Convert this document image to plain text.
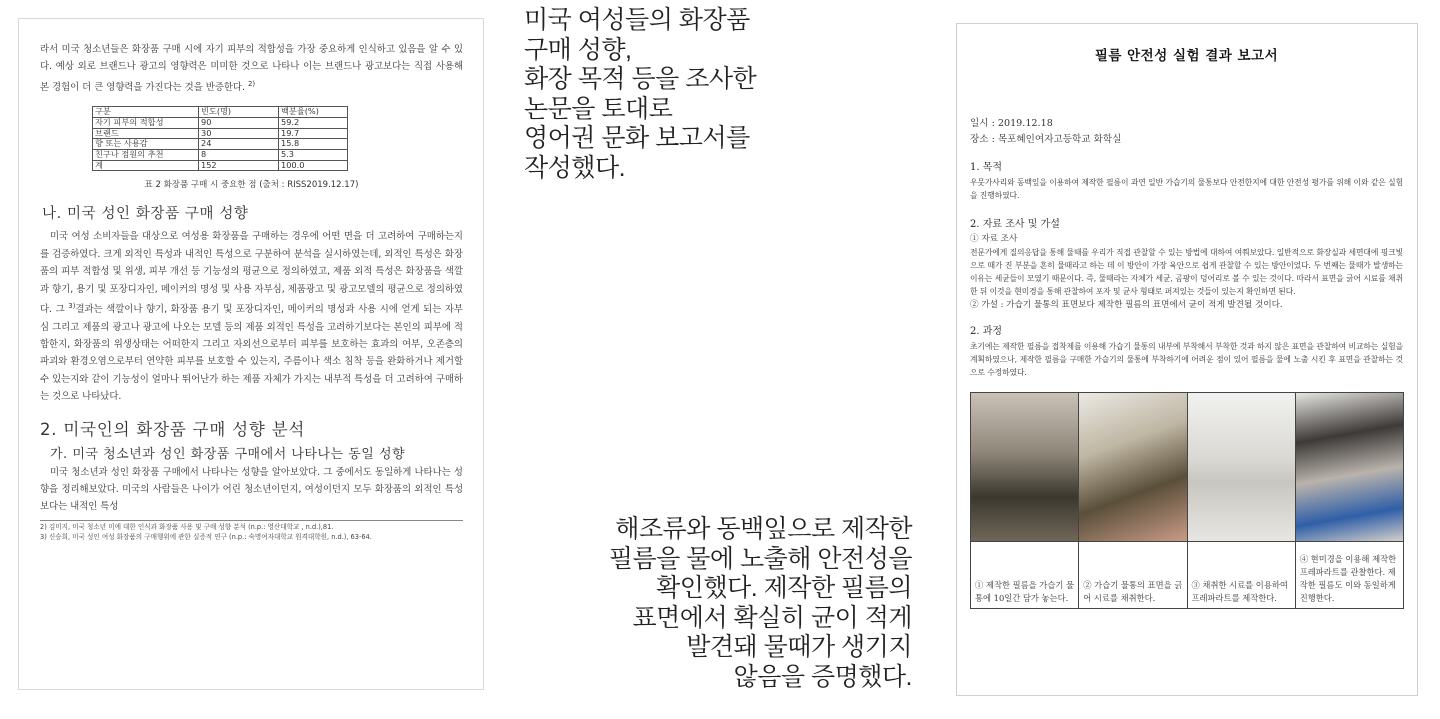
라서 미국 청소년들은 화장품 구매 시에 자기 피부의 적합성을 가장 중요하게 인식하고 있음을 알 수 있다. 예상 외로 브랜드나 광고의 영향력은 미미한 것으로 나타나 이는 브랜드나 광고보다는 직접 사용해 본 경험이 더 큰 영향력을 가진다는 것을 반증한다. $^{2)}$

구분	빈도(명)	백분율(%)
자기 피부의 적합성	90	59.2
브랜드	30	19.7
향 또는 사용감	24	15.8
친구나 점원의 추천	8	5.3
계	152	100.0
표 2 화장품 구매 시 중요한 점 (출처 : RISS2019.12.17)
나. 미국 성인 화장품 구매 성향

미국 여성 소비자들을 대상으로 여성용 화장품을 구매하는 경우에 어떤 면을 더 고려하여 구매하는지를 검증하였다. 크게 외적인 특성과 내적인 특성으로 구분하여 분석을 실시하였는데, 외적인 특성은 화장품의 피부 적합성 및 위생, 피부 개선 등 기능성의 평균으로 정의하였고, 제품 외적 특성은 화장품을 색깔과 향기, 용기 및 포장디자인, 메이커의 명성 및 사용 자부심, 제품광고 및 광고모델의 평균으로 정의하였다. 그 $^{3)}$결과는 색깔이나 향기, 화장품 용기 및 포장디자인, 메이커의 명성과 사용 시에 얻게 되는 자부심 그리고 제품의 광고나 광고에 나오는 모델 등의 제품 외적인 특성을 고려하기보다는 본인의 피부에 적합한지, 화장품의 위생상태는 어떠한지 그리고 자외선으로부터 피부를 보호하는 효과의 여부, 오존층의 파괴와 환경오염으로부터 연약한 피부를 보호할 수 있는지, 주름이나 색소 침착 등을 완화하거나 제거할 수 있는지와 같이 기능성이 얼마나 뛰어난가 하는 제품 자체가 가지는 내부적 특성을 더 고려하여 구매하는 것으로 나타났다.

2. 미국인의 화장품 구매 성향 분석
가. 미국 청소년과 성인 화장품 구매에서 나타나는 동일 성향

미국 청소년과 성인 화장품 구매에서 나타나는 성향을 알아보았다. 그 중에서도 동일하게 나타나는 성향을 정리해보았다. 미국의 사람들은 나이가 어린 청소년이던지, 여성이던지 모두 화장품의 외적인 특성보다는 내적인 특성

2) 김미지, 미국 청소년 미에 대한 인식과 화장품 사용 및 구매 성향 분석 (n.p.: 영산대학교 , n.d.),81.

3) 신승희, 미국 성인 여성 화장품의 구매행위에 관한 실증적 연구 (n.p.: 숙명여자대학교 원격대학원, n.d.), 63-64.

미국 여성들의 화장품
구매 성향,
화장 목적 등을 조사한
논문을 토대로
영어권 문화 보고서를
작성했다.
해조류와 동백잎으로 제작한
필름을 물에 노출해 안전성을
확인했다. 제작한 필름의
표면에서 확실히 균이 적게
발견돼 물때가 생기지
않음을 증명했다.
필름 안전성 실험 결과 보고서

일시 : 2019.12.18

장소 : 목포혜인여자고등학교 화학실

1. 목적

우뭇가사리와 동백잎을 이용하여 제작한 필름이 과연 일반 가습기의 물통보다 안전한지에 대한 안전성 평가를 위해 이와 같은 실험을 진행하였다.

2. 자료 조사 및 가설

① 자료 조사

전문가에게 질의응답을 통해 물때를 우리가 직접 관찰할 수 있는 방법에 대하여 여쭤보았다. 일반적으로 화장실과 세면대에 핑크빛으로 때가 진 부분을 흔히 물때라고 하는 데 이 방안이 가장 육안으로 쉽게 관찰할 수 있는 방안이었다. 두 번째는 물때가 발생하는 이유는 세균들이 모였기 때문이다. 즉, 물때라는 자체가 세균, 곰팡이 덩어리로 볼 수 있는 것이다. 따라서 표면을 긁어 시료를 채취한 뒤 이것을 현미경을 통해 관찰하여 포자 및 균사 형태로 퍼져있는 것들이 있는지 확인하면 된다.

② 가설 : 가습기 물통의 표면보다 제작한 필름의 표면에서 균이 적게 발견될 것이다.

2. 과정

초기에는 제작한 필름을 접착제를 이용해 가습기 물통의 내부에 부착해서 부착한 것과 하지 않은 표면을 관찰하여 비교하는 실험을 계획하였으나, 제작한 필름을 구매한 가습기의 물통에 부착하기에 어려운 점이 있어 필름을 물에 노출 시킨 후 표면을 관찰하는 것으로 수정하였다.

① 제작한 필름을 가습기 물통에 10일간 담가 놓는다.
② 가습기 물통의 표면을 긁어 시료를 채취한다.
③ 채취한 시료를 이용하여 프레파라트를 제작한다.
④ 현미경을 이용해 제작한 프레파라트를 관찰한다. 제작한 필름도 이와 동일하게 진행한다.
